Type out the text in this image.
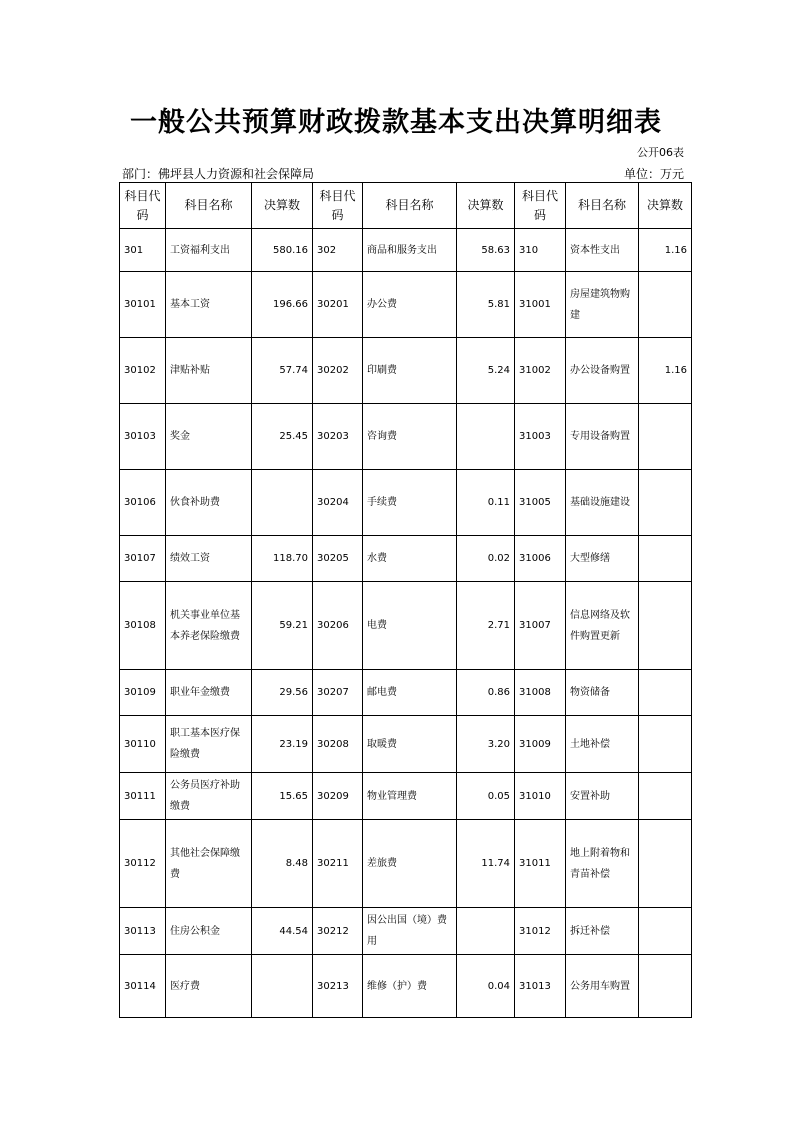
一般公共预算财政拨款基本支出决算明细表
公开06表
部门：佛坪县人力资源和社会保障局	单位：万元
科目代码	科目名称	决算数	科目代码	科目名称	决算数	科目代码	科目名称	决算数
301	工资福利支出	580.16	302	商品和服务支出	58.63	310	资本性支出	1.16
30101	基本工资	196.66	30201	办公费	5.81	31001	房屋建筑物购建	
30102	津贴补贴	57.74	30202	印刷费	5.24	31002	办公设备购置	1.16
30103	奖金	25.45	30203	咨询费		31003	专用设备购置	
30106	伙食补助费		30204	手续费	0.11	31005	基础设施建设	
30107	绩效工资	118.70	30205	水费	0.02	31006	大型修缮	
30108	机关事业单位基本养老保险缴费	59.21	30206	电费	2.71	31007	信息网络及软件购置更新	
30109	职业年金缴费	29.56	30207	邮电费	0.86	31008	物资储备	
30110	职工基本医疗保险缴费	23.19	30208	取暖费	3.20	31009	土地补偿	
30111	公务员医疗补助缴费	15.65	30209	物业管理费	0.05	31010	安置补助	
30112	其他社会保障缴费	8.48	30211	差旅费	11.74	31011	地上附着物和青苗补偿	
30113	住房公积金	44.54	30212	因公出国（境）费用		31012	拆迁补偿	
30114	医疗费		30213	维修（护）费	0.04	31013	公务用车购置	
